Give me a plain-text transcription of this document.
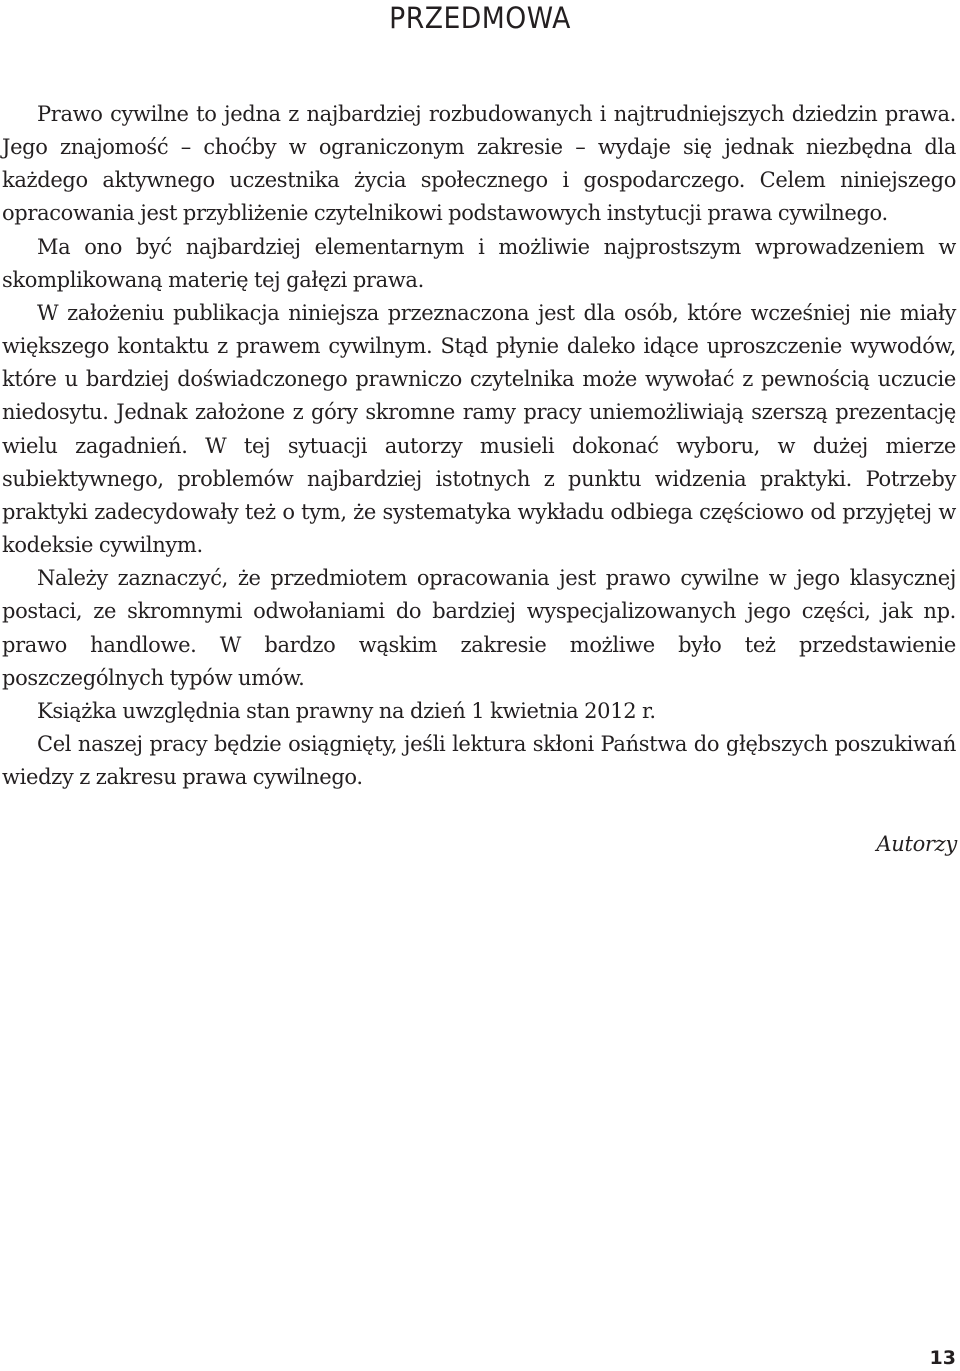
PRZEDMOWA

Prawo cywilne to jedna z najbardziej rozbudowanych i najtrudniejszych dziedzin prawa. Jego znajomość – choćby w ograniczonym zakresie – wydaje się jednak niezbędna dla każdego aktywnego uczestnika życia społecznego i gospodarczego. Celem niniejszego opracowania jest przybliżenie czytelnikowi podstawowych instytucji prawa cywilnego.

Ma ono być najbardziej elementarnym i możliwie najprostszym wprowadzeniem w skomplikowaną materię tej gałęzi prawa.

W założeniu publikacja niniejsza przeznaczona jest dla osób, które wcześniej nie miały większego kontaktu z prawem cywilnym. Stąd płynie daleko idące uproszczenie wywodów, które u bardziej doświadczonego prawniczo czytelnika może wywołać z pewnością uczucie niedosytu. Jednak założone z góry skromne ramy pracy uniemożliwiają szerszą prezentację wielu zagadnień. W tej sytuacji autorzy musieli dokonać wyboru, w dużej mierze subiektywnego, problemów najbardziej istotnych z punktu widzenia praktyki. Potrzeby praktyki zadecydowały też o tym, że systematyka wykładu odbiega częściowo od przyjętej w kodeksie cywilnym.

Należy zaznaczyć, że przedmiotem opracowania jest prawo cywilne w jego klasycznej postaci, ze skromnymi odwołaniami do bardziej wyspecjalizowanych jego części, jak np. prawo handlowe. W bardzo wąskim zakresie możliwe było też przedstawienie poszczególnych typów umów.

Książka uwzględnia stan prawny na dzień 1 kwietnia 2012 r.

Cel naszej pracy będzie osiągnięty, jeśli lektura skłoni Państwa do głębszych poszukiwań wiedzy z zakresu prawa cywilnego.

Autorzy

13
